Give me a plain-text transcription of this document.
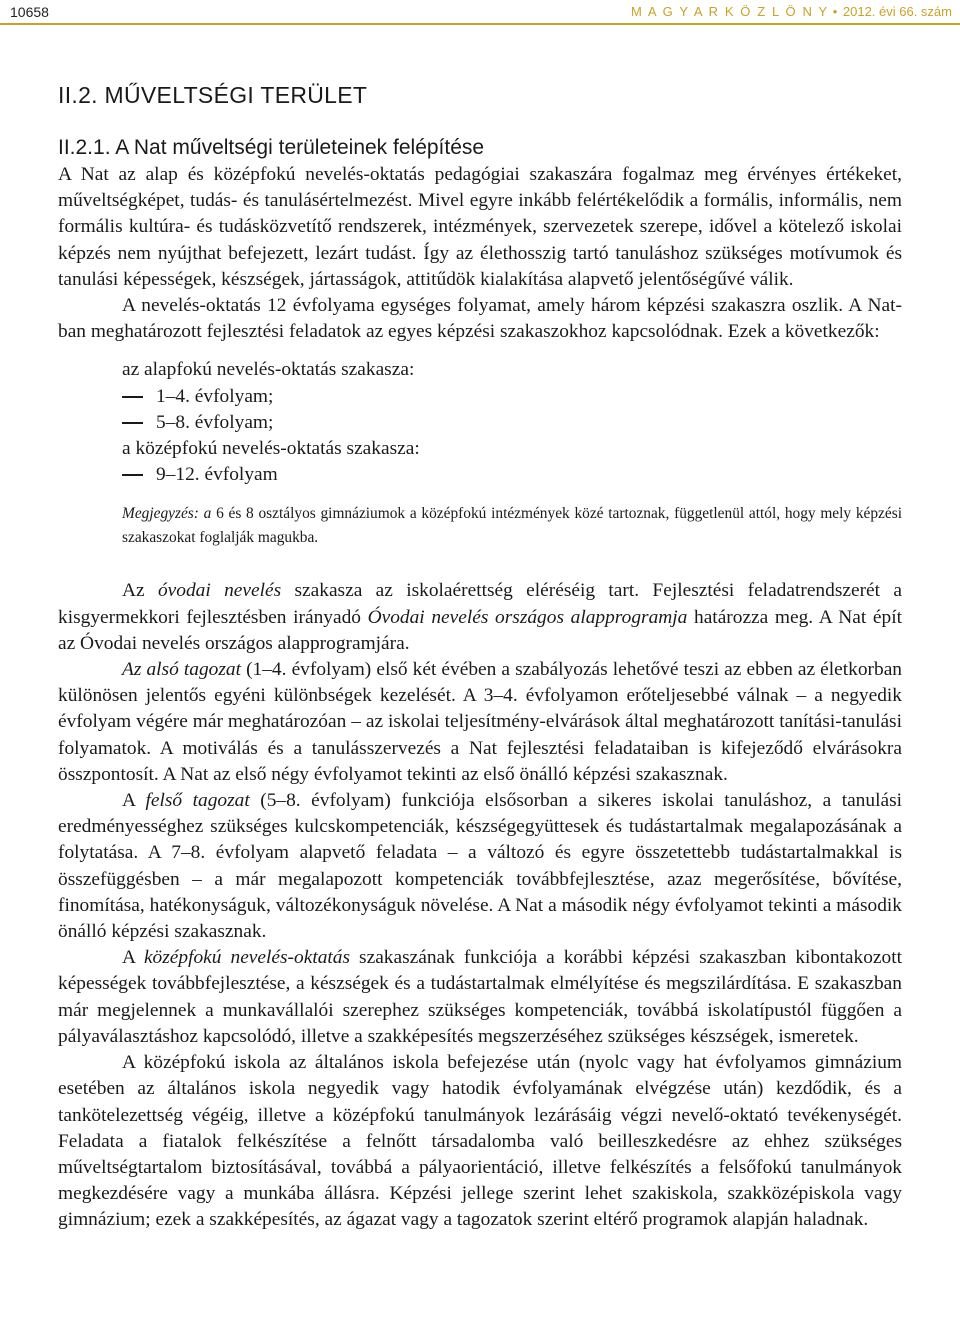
10658	M A G Y A R K Ö Z L Ö N Y • 2012. évi 66. szám
II.2. MŰVELTSÉGI TERÜLET
II.2.1. A Nat műveltségi területeinek felépítése

A Nat az alap és középfokú nevelés-oktatás pedagógiai szakaszára fogalmaz meg érvényes értékeket, műveltségképet, tudás- és tanulásértelmezést. Mivel egyre inkább felértékelődik a formális, informális, nem formális kultúra- és tudásközvetítő rendszerek, intézmények, szervezetek szerepe, idővel a kötelező iskolai képzés nem nyújthat befejezett, lezárt tudást. Így az élethosszig tartó tanuláshoz szükséges motívumok és tanulási képességek, készségek, jártasságok, attitűdök kialakítása alapvető jelentőségűvé válik.

A nevelés-oktatás 12 évfolyama egységes folyamat, amely három képzési szakaszra oszlik. A Nat-ban meghatározott fejlesztési feladatok az egyes képzési szakaszokhoz kapcsolódnak. Ezek a következők:

az alapfokú nevelés-oktatás szakasza:
1–4. évfolyam;
5–8. évfolyam;
a középfokú nevelés-oktatás szakasza:
9–12. évfolyam

Megjegyzés: a 6 és 8 osztályos gimnáziumok a középfokú intézmények közé tartoznak, függetlenül attól, hogy mely képzési szakaszokat foglalják magukba.

Az óvodai nevelés szakasza az iskolaérettség eléréséig tart. Fejlesztési feladatrendszerét a kisgyermekkori fejlesztésben irányadó Óvodai nevelés országos alapprogramja határozza meg. A Nat épít az Óvodai nevelés országos alapprogramjára.

Az alsó tagozat (1–4. évfolyam) első két évében a szabályozás lehetővé teszi az ebben az életkorban különösen jelentős egyéni különbségek kezelését. A 3–4. évfolyamon erőteljesebbé válnak – a negyedik évfolyam végére már meghatározóan – az iskolai teljesítmény-elvárások által meghatározott tanítási-tanulási folyamatok. A motiválás és a tanulásszervezés a Nat fejlesztési feladataiban is kifejeződő elvárásokra összpontosít. A Nat az első négy évfolyamot tekinti az első önálló képzési szakasznak.

A felső tagozat (5–8. évfolyam) funkciója elsősorban a sikeres iskolai tanuláshoz, a tanulási eredményességhez szükséges kulcskompetenciák, készségegyüttesek és tudástartalmak megalapozásának a folytatása. A 7–8. évfolyam alapvető feladata – a változó és egyre összetettebb tudástartalmakkal is összefüggésben – a már megalapozott kompetenciák továbbfejlesztése, azaz megerősítése, bővítése, finomítása, hatékonyságuk, változékonyságuk növelése. A Nat a második négy évfolyamot tekinti a második önálló képzési szakasznak.

A középfokú nevelés-oktatás szakaszának funkciója a korábbi képzési szakaszban kibontakozott képességek továbbfejlesztése, a készségek és a tudástartalmak elmélyítése és megszilárdítása. E szakaszban már megjelennek a munkavállalói szerephez szükséges kompetenciák, továbbá iskolatípustól függően a pályaválasztáshoz kapcsolódó, illetve a szakképesítés megszerzéséhez szükséges készségek, ismeretek.

A középfokú iskola az általános iskola befejezése után (nyolc vagy hat évfolyamos gimnázium esetében az általános iskola negyedik vagy hatodik évfolyamának elvégzése után) kezdődik, és a tankötelezettség végéig, illetve a középfokú tanulmányok lezárásáig végzi nevelő-oktató tevékenységét. Feladata a fiatalok felkészítése a felnőtt társadalomba való beilleszkedésre az ehhez szükséges műveltségtartalom biztosításával, továbbá a pályaorientáció, illetve felkészítés a felsőfokú tanulmányok megkezdésére vagy a munkába állásra. Képzési jellege szerint lehet szakiskola, szakközépiskola vagy gimnázium; ezek a szakképesítés, az ágazat vagy a tagozatok szerint eltérő programok alapján haladnak.
